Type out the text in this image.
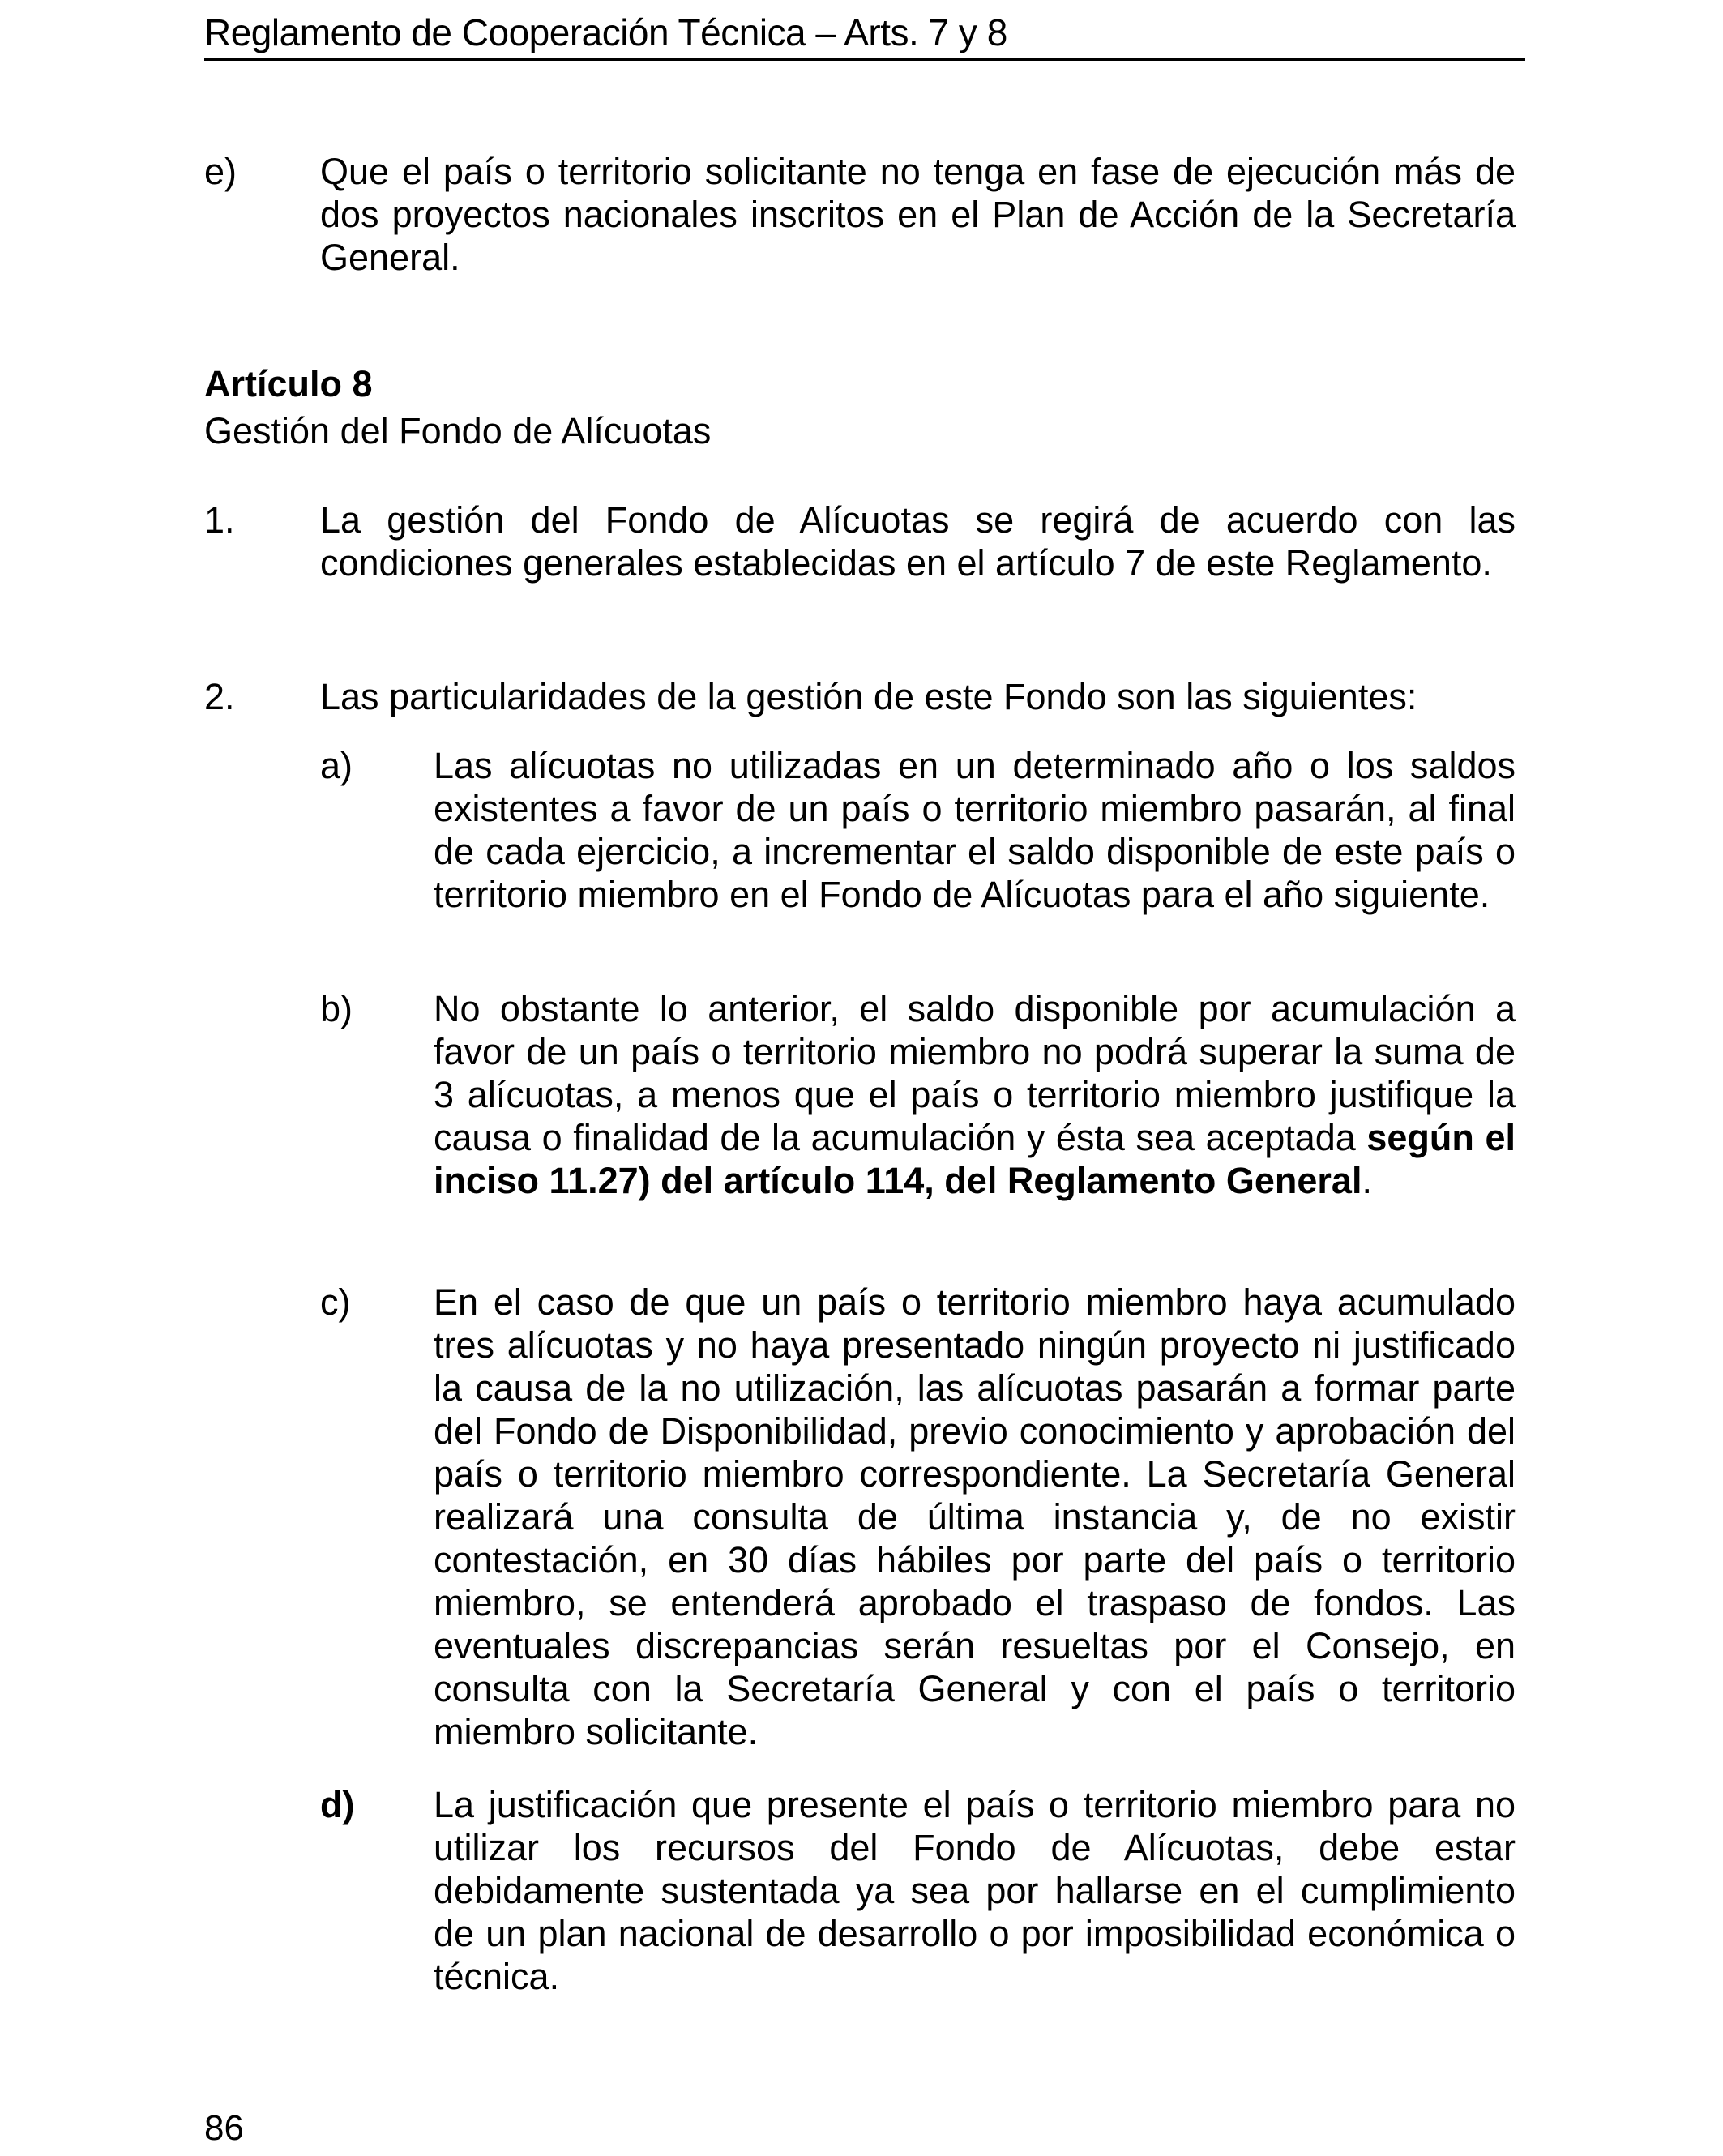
Reglamento de Cooperación Técnica – Arts. 7 y 8
e) Que el país o territorio solicitante no tenga en fase de ejecución más de dos proyectos nacionales inscritos en el Plan de Acción de la Secretaría General.
Artículo 8
Gestión del Fondo de Alícuotas
1. La gestión del Fondo de Alícuotas se regirá de acuerdo con las condiciones generales establecidas en el artículo 7 de este Reglamento.
2. Las particularidades de la gestión de este Fondo son las siguientes:
a) Las alícuotas no utilizadas en un determinado año o los saldos existentes a favor de un país o territorio miembro pasarán, al final de cada ejercicio, a incrementar el saldo disponible de este país o territorio miembro en el Fondo de Alícuotas para el año siguiente.
b) No obstante lo anterior, el saldo disponible por acumulación a favor de un país o territorio miembro no podrá superar la suma de 3 alícuotas, a menos que el país o territorio miembro justifique la causa o finalidad de la acumulación y ésta sea aceptada según el inciso 11.27) del artículo 114, del Reglamento General.
c) En el caso de que un país o territorio miembro haya acumulado tres alícuotas y no haya presentado ningún proyecto ni justificado la causa de la no utilización, las alícuotas pasarán a formar parte del Fondo de Disponibilidad, previo conocimiento y aprobación del país o territorio miembro correspondiente. La Secretaría General realizará una consulta de última instancia y, de no existir contestación, en 30 días hábiles por parte del país o territorio miembro, se entenderá aprobado el traspaso de fondos. Las eventuales discrepancias serán resueltas por el Consejo, en consulta con la Secretaría General y con el país o territorio miembro solicitante.
d) La justificación que presente el país o territorio miembro para no utilizar los recursos del Fondo de Alícuotas, debe estar debidamente sustentada ya sea por hallarse en el cumplimiento de un plan nacional de desarrollo o por imposibilidad económica o técnica.
86
